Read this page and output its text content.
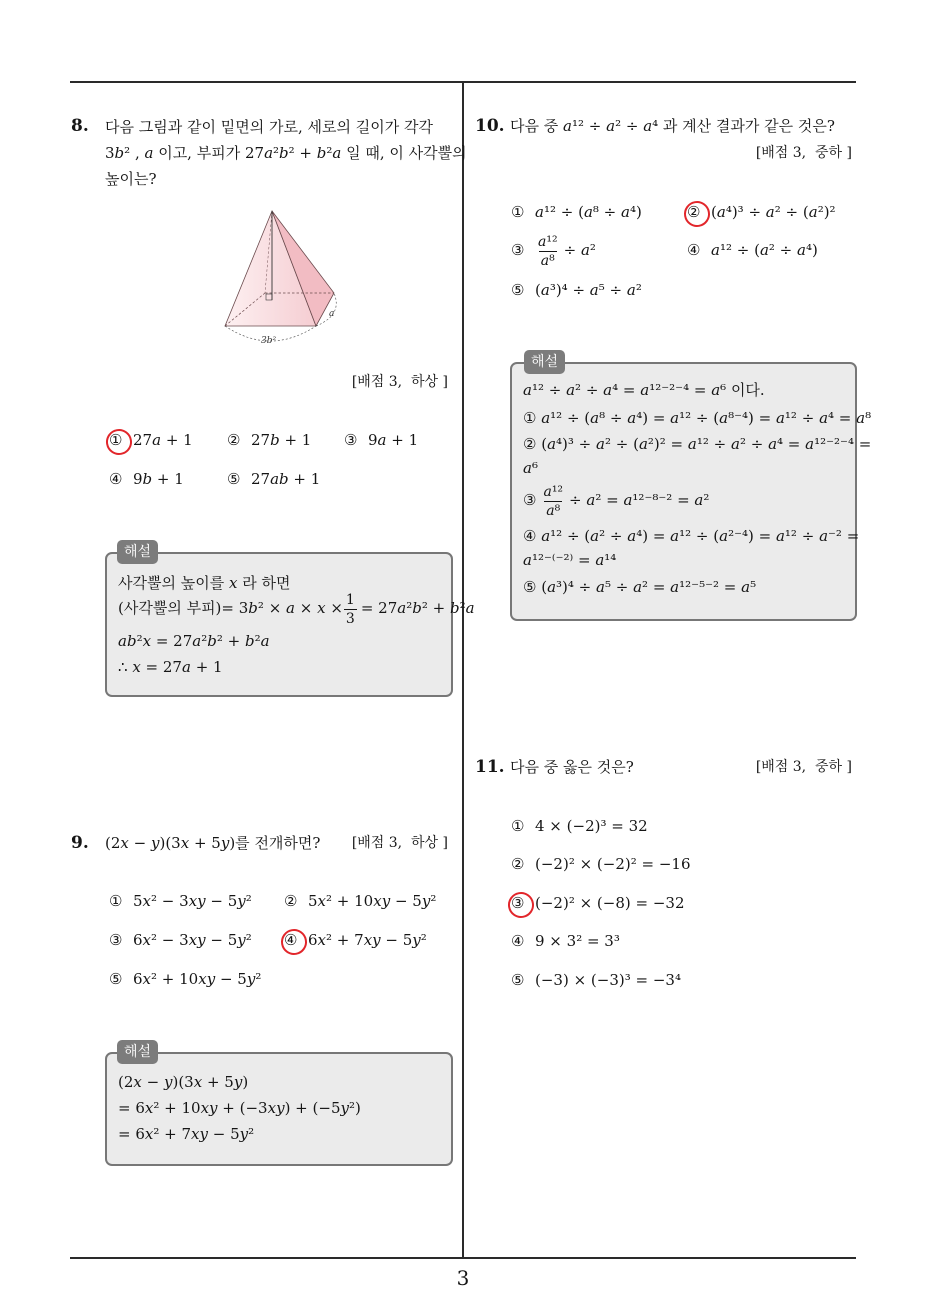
8. 다음 그림과 같이 밑면의 가로, 세로의 길이가 각각
3b² , a 이고, 부피가 27a²b² + b²a 일 때, 이 사각뿔의
높이는?
a
3b²
[배점 3,  하상 ]
① 27a + 1 ② 27b + 1 ③ 9a + 1
④ 9b + 1	⑤ 27ab + 1
해설
사각뿔의 높이를 x 라 하면
(사각뿔의 부피)= $3b^2 \times a \times x \times \frac{1}{3} = 27a^2b^2 + b^2a$
ab²x = 27a²b² + b²a
∴ x = 27a + 1
9. (2x − y)(3x + 5y)를 전개하면?	[배점 3,  하상 ]
① 5x² − 3xy − 5y² ② 5x² + 10xy − 5y²
③ 6x² − 3xy − 5y² ④ 6x² + 7xy − 5y²
⑤ 6x² + 10xy − 5y²
해설
(2x − y)(3x + 5y)
= 6x² + 10xy + (−3xy) + (−5y²)
= 6x² + 7xy − 5y²
10. 다음 중 a¹² ÷ a² ÷ a⁴ 과 계산 결과가 같은 것은?
[배점 3,  중하 ]
① a¹² ÷ (a⁸ ÷ a⁴)	② (a⁴)³ ÷ a² ÷ (a²)²
③ $\frac{\text{a¹²}}{\text{a⁸}} \div a^2$	④ a¹² ÷ (a² ÷ a⁴)
⑤ (a³)⁴ ÷ a⁵ ÷ a²
해설
a¹² ÷ a² ÷ a⁴ = a¹²⁻²⁻⁴ = a⁶ 이다.
① a¹² ÷ (a⁸ ÷ a⁴) = a¹² ÷ (a⁸⁻⁴) = a¹² ÷ a⁴ = a⁸
② (a⁴)³ ÷ a² ÷ (a²)² = a¹² ÷ a² ÷ a⁴ = a¹²⁻²⁻⁴ =
a⁶
③ $\frac{\text{a¹²}}{\text{a⁸}} \div a^2 = a^{12-8-2} = a^2$
④ a¹² ÷ (a² ÷ a⁴) = a¹² ÷ (a²⁻⁴) = a¹² ÷ a⁻² =
a¹²⁻⁽⁻²⁾ = a¹⁴
⑤ (a³)⁴ ÷ a⁵ ÷ a² = a¹²⁻⁵⁻² = a⁵
11. 다음 중 옳은 것은?	[배점 3,  중하 ]
① 4 × (−2)³ = 32
② (−2)² × (−2)² = −16
③ (−2)² × (−8) = −32
④ 9 × 3² = 3³
⑤ (−3) × (−3)³ = −3⁴
3
